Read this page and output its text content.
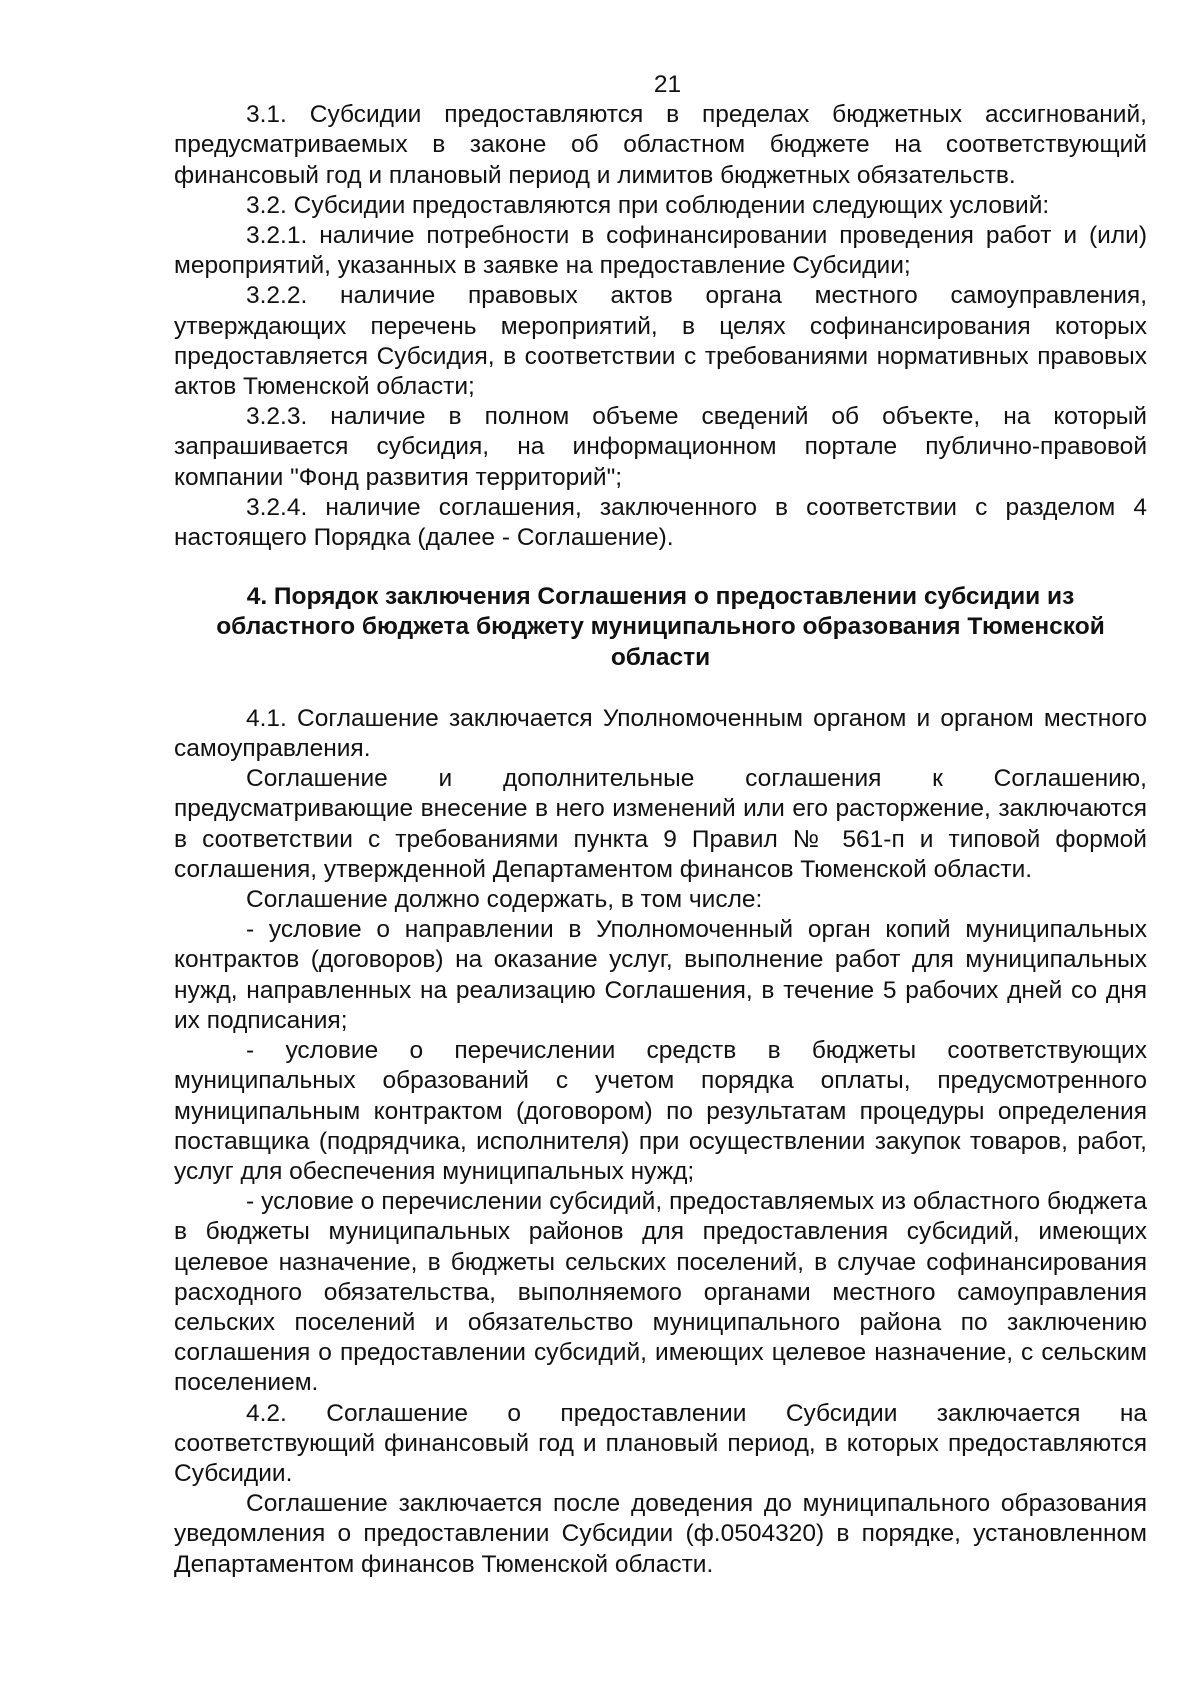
21

3.1. Субсидии предоставляются в пределах бюджетных ассигнований, предусматриваемых в законе об областном бюджете на соответствующий финансовый год и плановый период и лимитов бюджетных обязательств.

3.2. Субсидии предоставляются при соблюдении следующих условий:

3.2.1. наличие потребности в софинансировании проведения работ и (или) мероприятий, указанных в заявке на предоставление Субсидии;

3.2.2. наличие правовых актов органа местного самоуправления, утверждающих перечень мероприятий, в целях софинансирования которых предоставляется Субсидия, в соответствии с требованиями нормативных правовых актов Тюменской области;

3.2.3. наличие в полном объеме сведений об объекте, на который запрашивается субсидия, на информационном портале публично-правовой компании "Фонд развития территорий";

3.2.4. наличие соглашения, заключенного в соответствии с разделом 4 настоящего Порядка (далее - Соглашение).

4. Порядок заключения Соглашения о предоставлении субсидии из областного бюджета бюджету муниципального образования Тюменской области

4.1. Соглашение заключается Уполномоченным органом и органом местного самоуправления.

Соглашение и дополнительные соглашения к Соглашению, предусматривающие внесение в него изменений или его расторжение, заключаются в соответствии с требованиями пункта 9 Правил № 561-п и типовой формой соглашения, утвержденной Департаментом финансов Тюменской области.

Соглашение должно содержать, в том числе:

- условие о направлении в Уполномоченный орган копий муниципальных контрактов (договоров) на оказание услуг, выполнение работ для муниципальных нужд, направленных на реализацию Соглашения, в течение 5 рабочих дней со дня их подписания;

- условие о перечислении средств в бюджеты соответствующих муниципальных образований с учетом порядка оплаты, предусмотренного муниципальным контрактом (договором) по результатам процедуры определения поставщика (подрядчика, исполнителя) при осуществлении закупок товаров, работ, услуг для обеспечения муниципальных нужд;

- условие о перечислении субсидий, предоставляемых из областного бюджета в бюджеты муниципальных районов для предоставления субсидий, имеющих целевое назначение, в бюджеты сельских поселений, в случае софинансирования расходного обязательства, выполняемого органами местного самоуправления сельских поселений и обязательство муниципального района по заключению соглашения о предоставлении субсидий, имеющих целевое назначение, с сельским поселением.

4.2. Соглашение о предоставлении Субсидии заключается на соответствующий финансовый год и плановый период, в которых предоставляются Субсидии.

Соглашение заключается после доведения до муниципального образования уведомления о предоставлении Субсидии (ф.0504320) в порядке, установленном Департаментом финансов Тюменской области.
